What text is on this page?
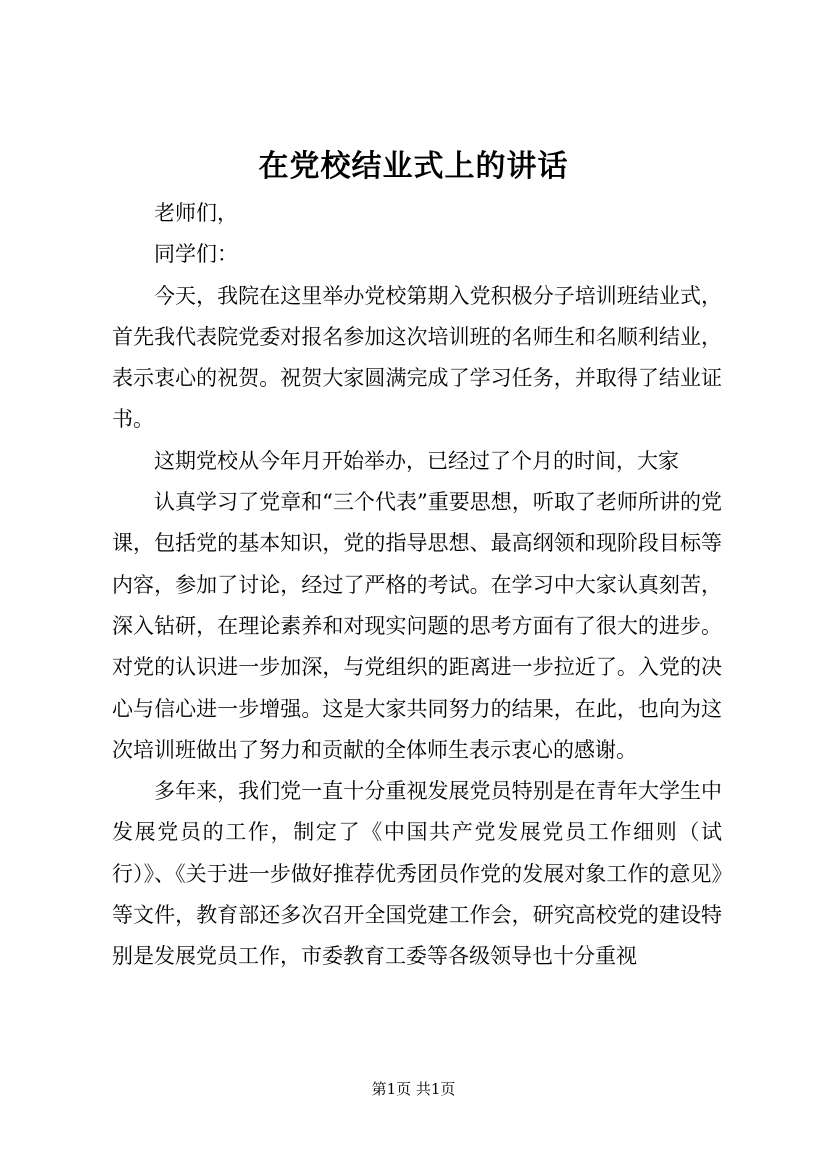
在党校结业式上的讲话

老师们，

同学们：

今天，我院在这里举办党校第期入党积极分子培训班结业式，首先我代表院党委对报名参加这次培训班的名师生和名顺利结业，表示衷心的祝贺。祝贺大家圆满完成了学习任务，并取得了结业证书。

这期党校从今年月开始举办，已经过了个月的时间，大家

认真学习了党章和“三个代表”重要思想，听取了老师所讲的党课，包括党的基本知识，党的指导思想、最高纲领和现阶段目标等内容，参加了讨论，经过了严格的考试。在学习中大家认真刻苦，深入钻研，在理论素养和对现实问题的思考方面有了很大的进步。对党的认识进一步加深，与党组织的距离进一步拉近了。入党的决心与信心进一步增强。这是大家共同努力的结果，在此，也向为这次培训班做出了努力和贡献的全体师生表示衷心的感谢。

多年来，我们党一直十分重视发展党员特别是在青年大学生中发展党员的工作，制定了《中国共产党发展党员工作细则（试行）》、《关于进一步做好推荐优秀团员作党的发展对象工作的意见》等文件，教育部还多次召开全国党建工作会，研究高校党的建设特别是发展党员工作，市委教育工委等各级领导也十分重视

第1页 共1页
